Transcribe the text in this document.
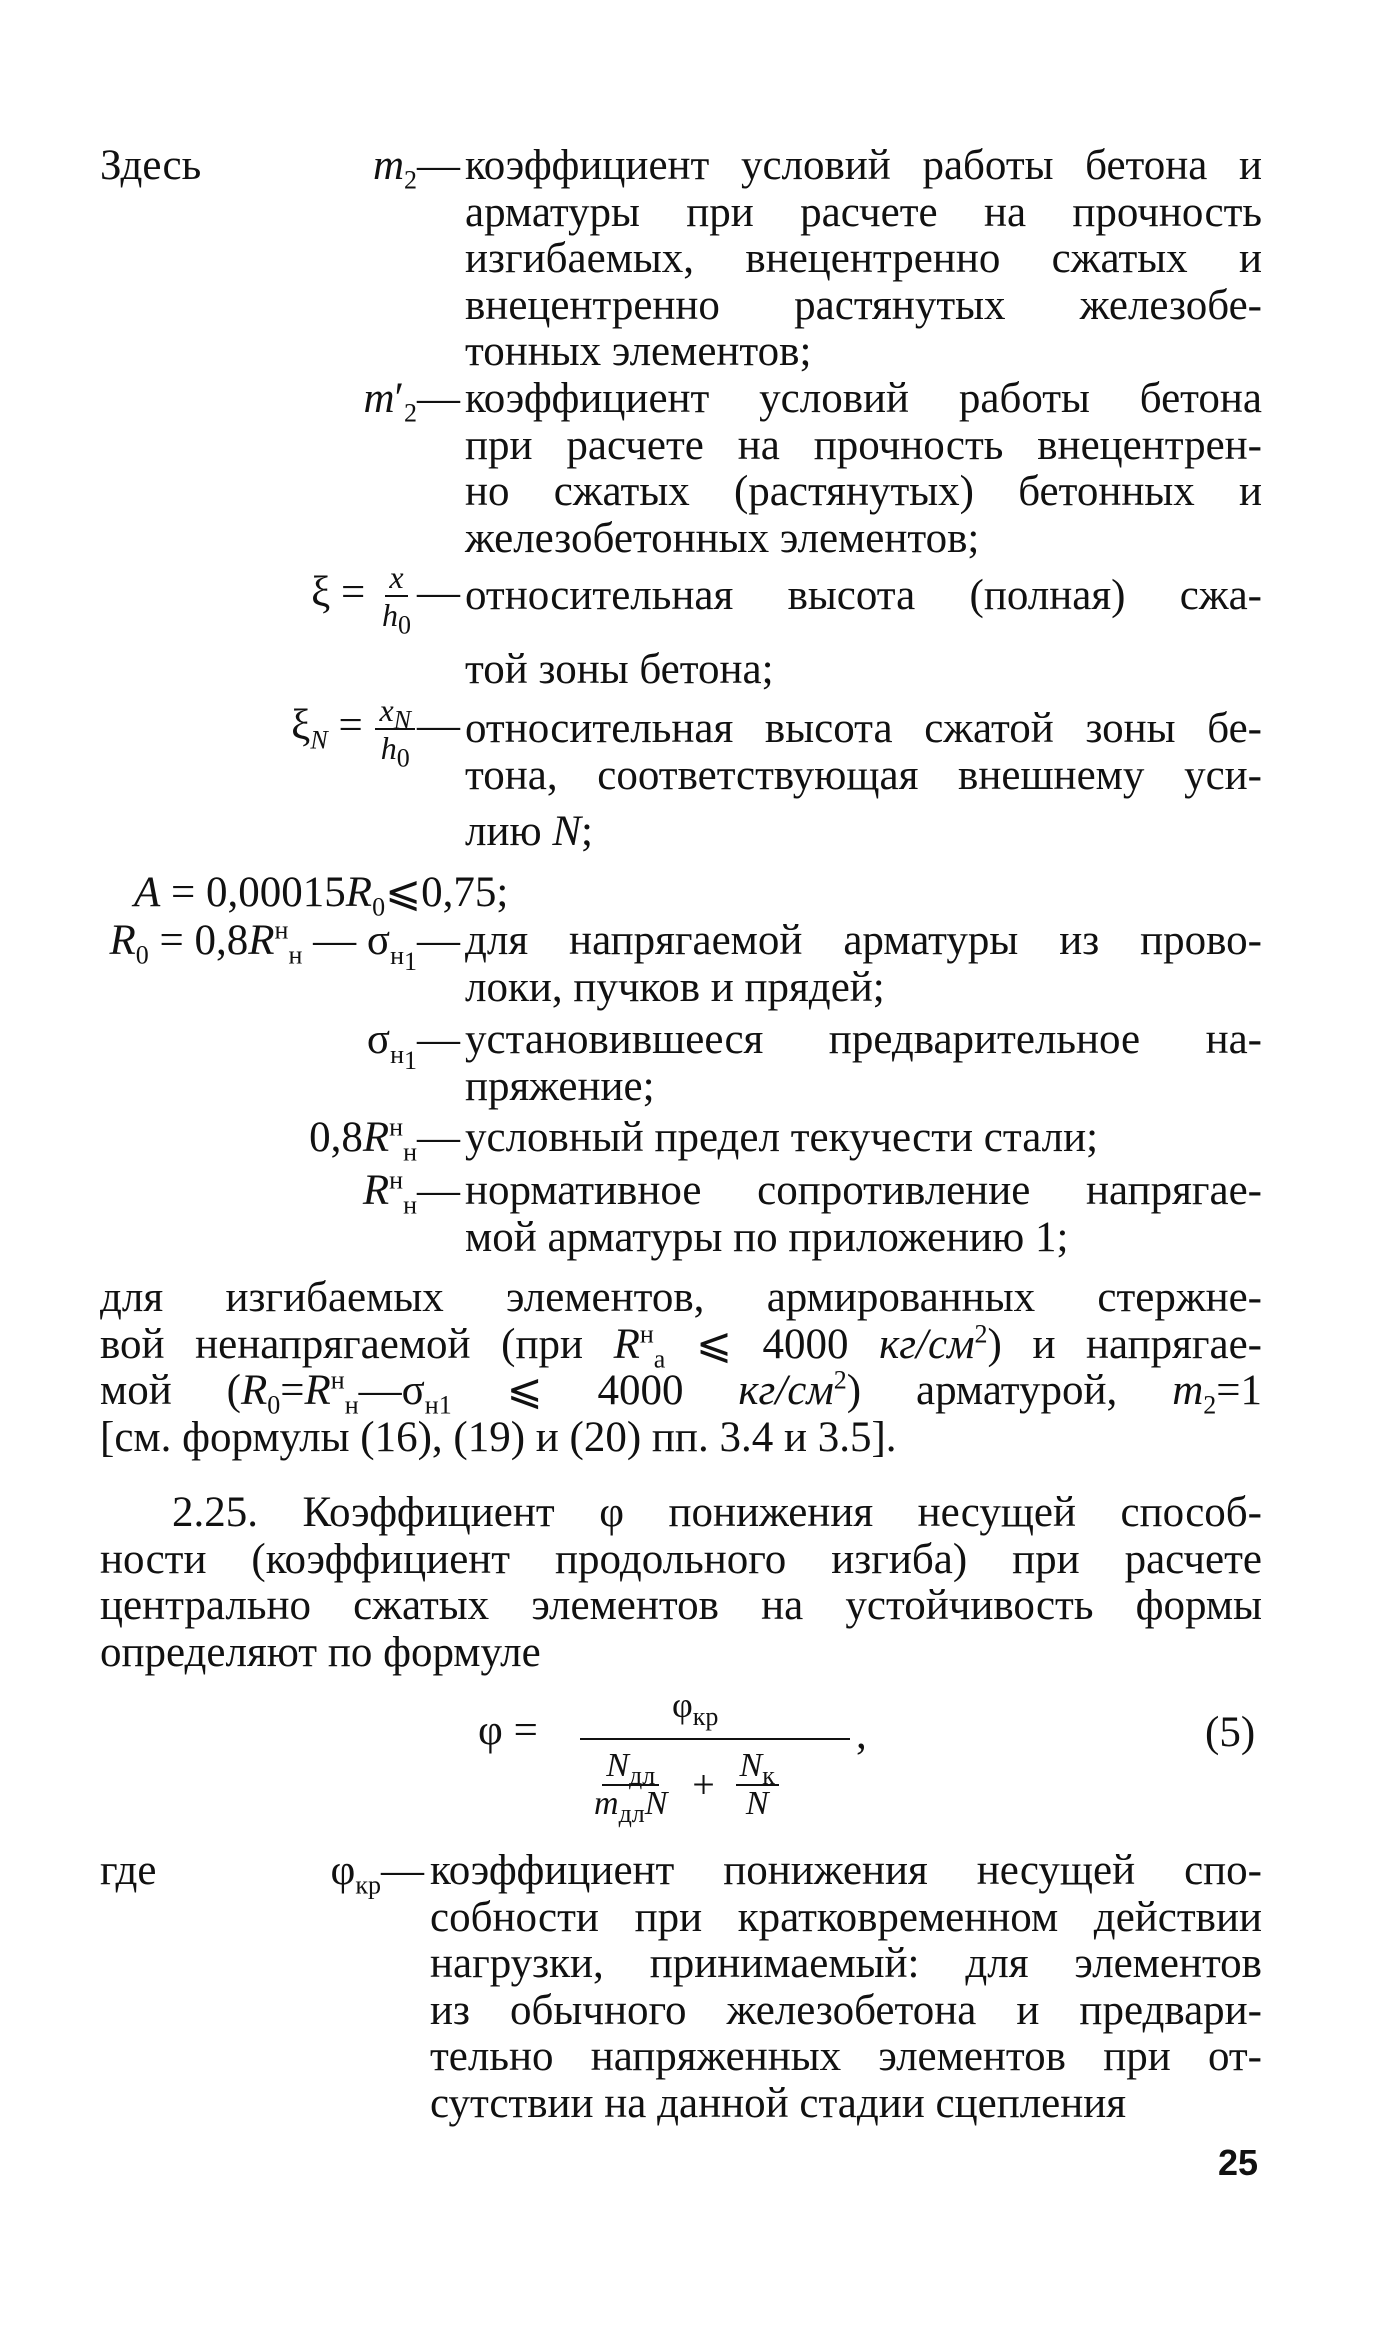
Здесь	$m_2—$ коэффициент условий работы бетона и
арматуры при расчете на прочность
изгибаемых, внецентренно сжатых и
внецентренно растянутых железобе-
тонных элементов;
$m'_2—$ коэффициент условий работы бетона
при расчете на прочность внецентрен-
но сжатых (растянутых) бетонных и
железобетонных элементов;
$\xi = \frac{x}{h_0}$ — относительная высота (полная) сжа-
той зоны бетона;
$\xi_N = \frac{x_N}{h_0}$ — относительная высота сжатой зоны бе-
тона, соответствующая внешнему уси-
лию N;
$A = 0,00015R_0⩽0,75$;
$R_0 = 0,8R^н_н$ — $\sigma_{н_1}—$ для напрягаемой арматуры из прово-
локи, пучков и прядей;
$\sigma_{н_1}—$ установившееся предварительное на-
пряжение;
$0,8R^н_н—$ условный предел текучести стали;
$R^н_н—$ нормативное сопротивление напрягае-
мой арматуры по приложению 1;
для изгибаемых элементов, армированных стержне-
вой ненапрягаемой (при $R^н_а$ ⩽ 4000 $кг/см^2$) и напрягае-
мой ($R_0=R^н_н—\sigma_{н1}$ ⩽ 4000 $кг/см^2$) арматурой, $m_2=1$
[см. формулы (16), (19) и (20) пп. 3.4 и 3.5].
2.25. Коэффициент φ понижения несущей способ-
ности (коэффициент продольного изгиба) при расчете
центрально сжатых элементов на устойчивость формы
определяют по формуле
φ =
$\varphi_{кр}$
$\frac{N_{дл}}{m_{дл}N} + \frac{N_к}{N}$
,	(5)
где	$\varphi_{кр}—$ коэффициент понижения несущей спо-
собности при кратковременном действии
нагрузки, принимаемый: для элементов
из обычного железобетона и предвари-
тельно напряженных элементов при от-
сутствии на данной стадии сцепления
25
